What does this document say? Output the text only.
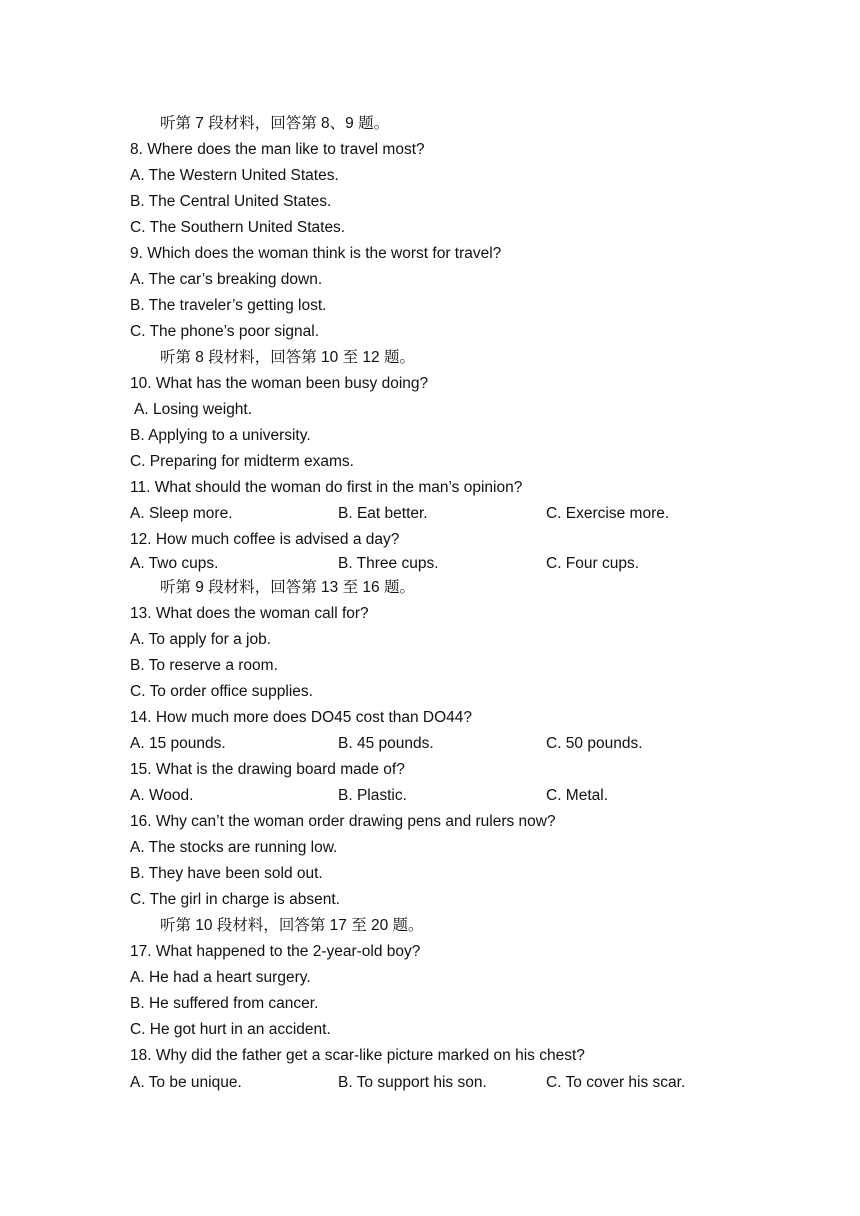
听第 7 段材料，回答第 8、9 题。
8. Where does the man like to travel most?
A. The Western United States.
B. The Central United States.
C. The Southern United States.
9. Which does the woman think is the worst for travel?
A. The car’s breaking down.
B. The traveler’s getting lost.
C. The phone’s poor signal.
听第 8 段材料，回答第 10 至 12 题。
10. What has the woman been busy doing?
A. Losing weight.
B. Applying to a university.
C. Preparing for midterm exams.
11. What should the woman do first in the man’s opinion?

A. Sleep more.

	B. Eat better.

	C. Exercise more.

12. How much coffee is advised a day?

A. Two cups.

	B. Three cups.

	C. Four cups.

听第 9 段材料，回答第 13 至 16 题。
13. What does the woman call for?
A. To apply for a job.
B. To reserve a room.
C. To order office supplies.
14. How much more does DO45 cost than DO44?

A. 15 pounds.

	B. 45 pounds.

	C. 50 pounds.

15. What is the drawing board made of?

A. Wood.

	B. Plastic.

	C. Metal.

16. Why can’t the woman order drawing pens and rulers now?
A. The stocks are running low.
B. They have been sold out.
C. The girl in charge is absent.
听第 10 段材料，回答第 17 至 20 题。
17. What happened to the 2-year-old boy?
A. He had a heart surgery.
B. He suffered from cancer.
C. He got hurt in an accident.
18. Why did the father get a scar-like picture marked on his chest?

A. To be unique.

	B. To support his son.

	C. To cover his scar.
